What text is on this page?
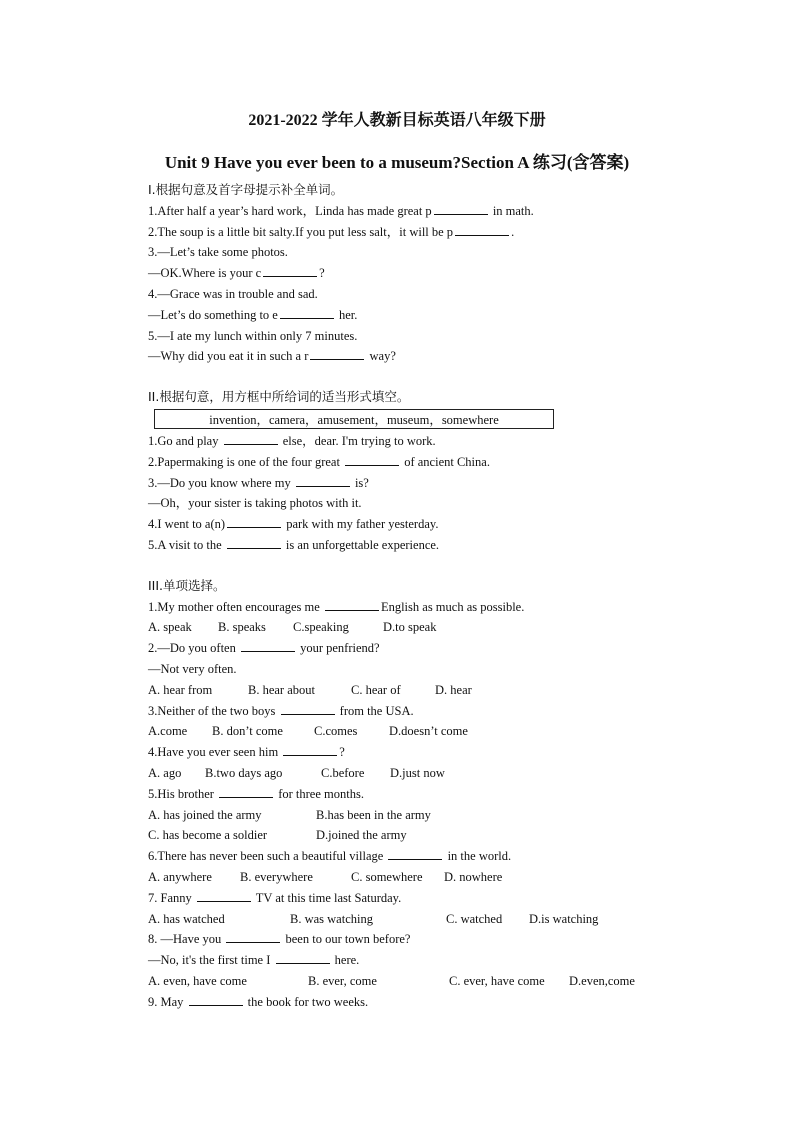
2021-2022 学年人教新目标英语八年级下册
Unit 9 Have you ever been to a museum?Section A 练习(含答案)
I.根据句意及首字母提示补全单词。
1.After half a year’s hard work，Linda has made great p	in math.
2.The soup is a little bit salty.If you put less salt，it will be p	.
3.—Let’s take some photos.
—OK.Where is your c	?
4.—Grace was in trouble and sad.
—Let’s do something to e	her.
5.—I ate my lunch within only 7 minutes.
—Why did you eat it in such a r	way?
II.根据句意，用方框中所给词的适当形式填空。
invention，camera，amusement，museum，somewhere
1.Go and play	else，dear. I'm trying to work.
2.Papermaking is one of the four great	of ancient China.
3.—Do you know where my	is?
—Oh，your sister is taking photos with it.
4.I went to a(n)	park with my father yesterday.
5.A visit to the	is an unforgettable experience.
III.单项选择。
1.My mother often encourages me	English as much as possible.
A. speak B. speaks C.speaking	D.to speak
2.—Do you often	your penfriend?
—Not very often.
A. hear from	B. hear about	C. hear of	D. hear
3.Neither of the two boys	from the USA.
A.come B. don’t come C.comes	D.doesn’t come
4.Have you ever seen him	?
A. ago B.two days ago	C.before D.just now
5.His brother	for three months.
A. has joined the army	B.has been in the army
C. has become a soldier	D.joined the army
6.There has never been such a beautiful village	in the world.
A. anywhere B. everywhere	C. somewhere D. nowhere
7. Fanny	TV at this time last Saturday.
A. has watched	B. was watching	C. watched D.is watching
8. —Have you	been to our town before?
—No, it's the first time I	here.
A. even, have come	B. ever, come	C. ever, have come D.even,come
9. May	the book for two weeks.
